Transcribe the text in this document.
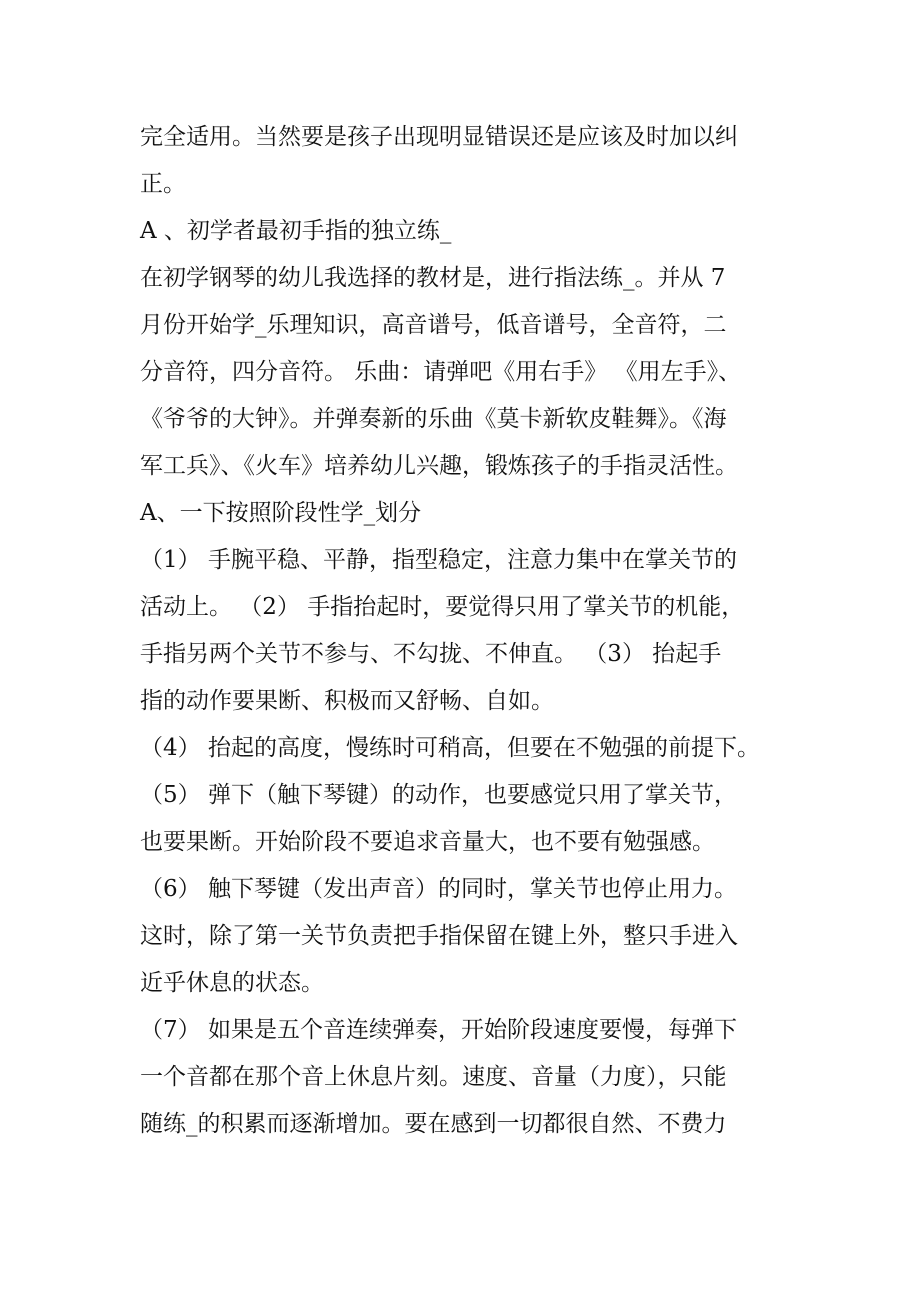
完全适用。当然要是孩子出现明显错误还是应该及时加以纠
正。
A 、初学者最初手指的独立练_
在初学钢琴的幼儿我选择的教材是，进行指法练_。并从 7
月份开始学_乐理知识，高音谱号，低音谱号，全音符，二
分音符，四分音符。 乐曲：请弹吧《用右手》 《用左手》、
《爷爷的大钟》。并弹奏新的乐曲《莫卡新软皮鞋舞》。《海
军工兵》、《火车》培养幼儿兴趣，锻炼孩子的手指灵活性。
A、一下按照阶段性学_划分
（1） 手腕平稳、平静，指型稳定，注意力集中在掌关节的
活动上。 （2） 手指抬起时，要觉得只用了掌关节的机能，
手指另两个关节不参与、不勾拢、不伸直。 （3） 抬起手
指的动作要果断、积极而又舒畅、自如。
（4） 抬起的高度，慢练时可稍高，但要在不勉强的前提下。
（5） 弹下（触下琴键）的动作，也要感觉只用了掌关节，
也要果断。开始阶段不要追求音量大，也不要有勉强感。
（6） 触下琴键（发出声音）的同时，掌关节也停止用力。
这时，除了第一关节负责把手指保留在键上外，整只手进入
近乎休息的状态。
（7） 如果是五个音连续弹奏，开始阶段速度要慢，每弹下
一个音都在那个音上休息片刻。速度、音量（力度），只能
随练_的积累而逐渐增加。要在感到一切都很自然、不费力
